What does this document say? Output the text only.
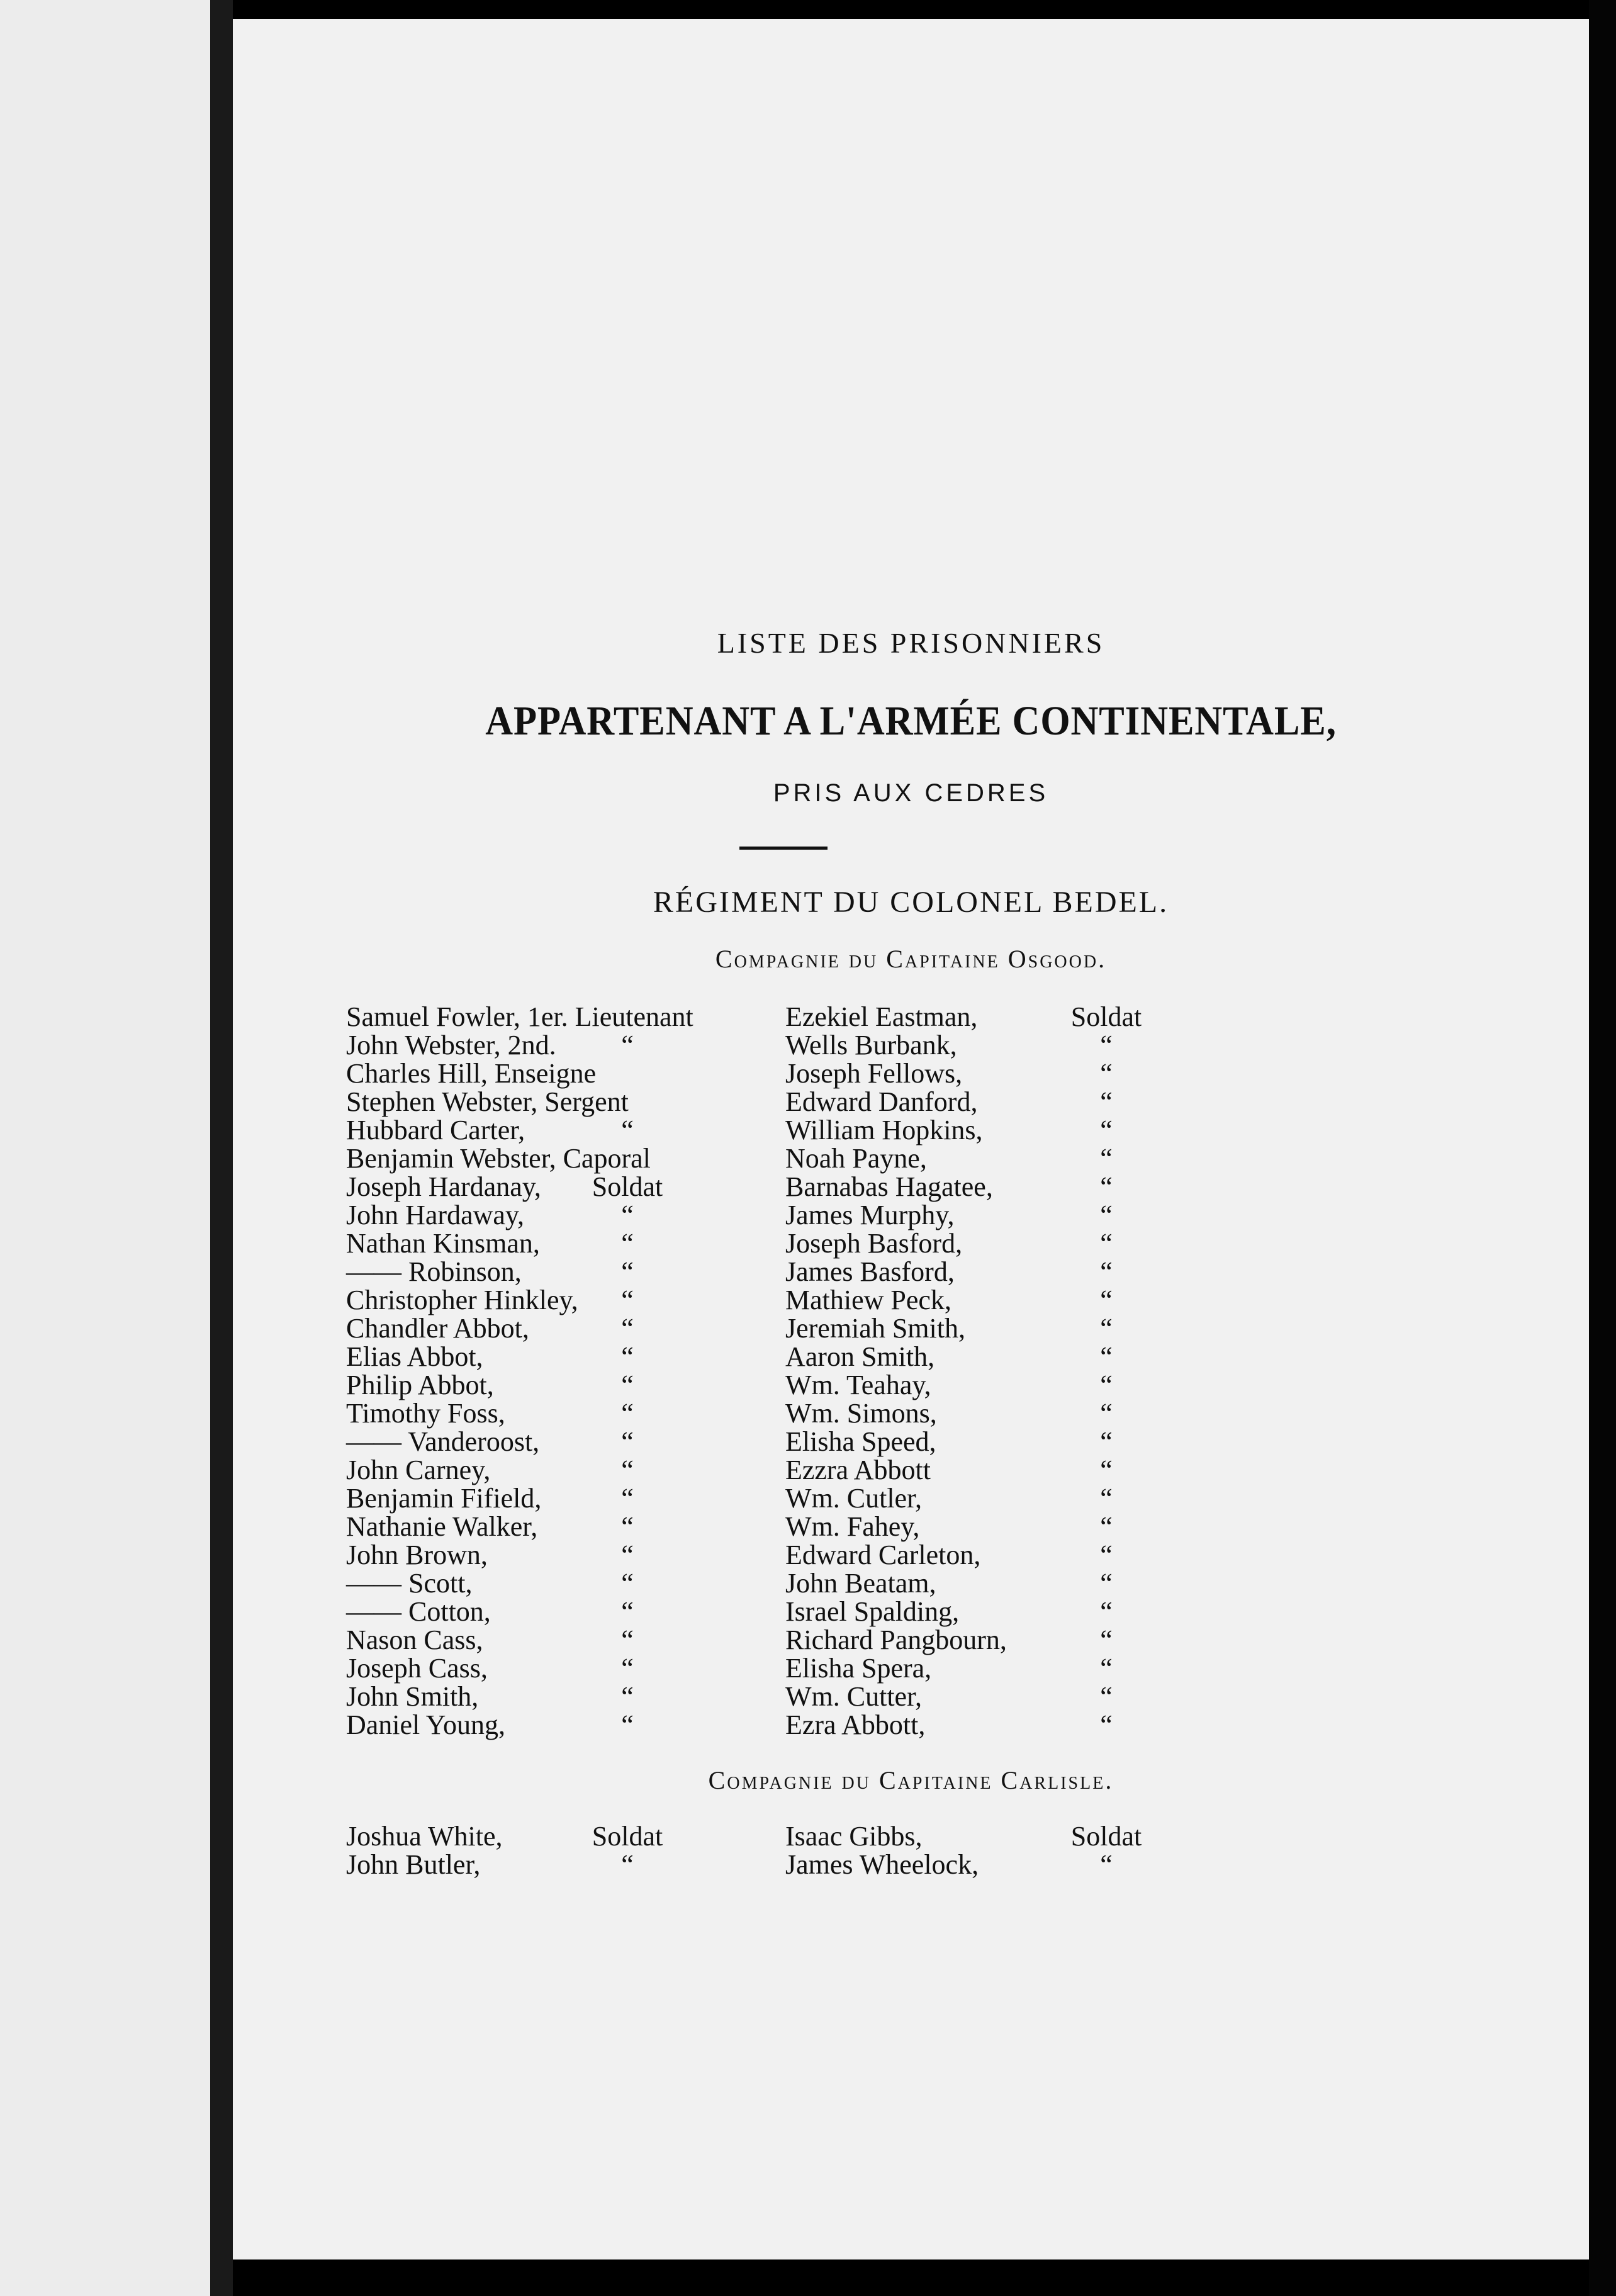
LISTE DES PRISONNIERS
APPARTENANT A L'ARMÉE CONTINENTALE,
PRIS AUX CEDRES
RÉGIMENT DU COLONEL BEDEL.
Compagnie du Capitaine Osgood.
Samuel Fowler, 1er. Lieutenant	Ezekiel Eastman,	Soldat
John Webster, 2nd. “	Wells Burbank,	“
Charles Hill, Enseigne	Joseph Fellows,	“
Stephen Webster, Sergent	Edward Danford,	“
Hubbard Carter,	“	William Hopkins,	“
Benjamin Webster, Caporal	Noah Payne,	“
Joseph Hardanay, Soldat	Barnabas Hagatee,	“
John Hardaway,	“	James Murphy,	“
Nathan Kinsman,	“	Joseph Basford,	“
—— Robinson,	“	James Basford,	“
Christopher Hinkley, “	Mathiew Peck,	“
Chandler Abbot,	“	Jeremiah Smith,	“
Elias Abbot,	“	Aaron Smith,	“
Philip Abbot,	“	Wm. Teahay,	“
Timothy Foss,	“	Wm. Simons,	“
—— Vanderoost,	“	Elisha Speed,	“
John Carney,	“	Ezzra Abbott	“
Benjamin Fifield,	“	Wm. Cutler,	“
Nathanie Walker,	“	Wm. Fahey,	“
John Brown,	“	Edward Carleton,	“
—— Scott,	“	John Beatam,	“
—— Cotton,	“	Israel Spalding,	“
Nason Cass,	“	Richard Pangbourn,	“
Joseph Cass,	“	Elisha Spera,	“
John Smith,	“	Wm. Cutter,	“
Daniel Young,	“	Ezra Abbott,	“
Compagnie du Capitaine Carlisle.
Joshua White,	Soldat	Isaac Gibbs,	Soldat
John Butler,	“	James Wheelock,	“
